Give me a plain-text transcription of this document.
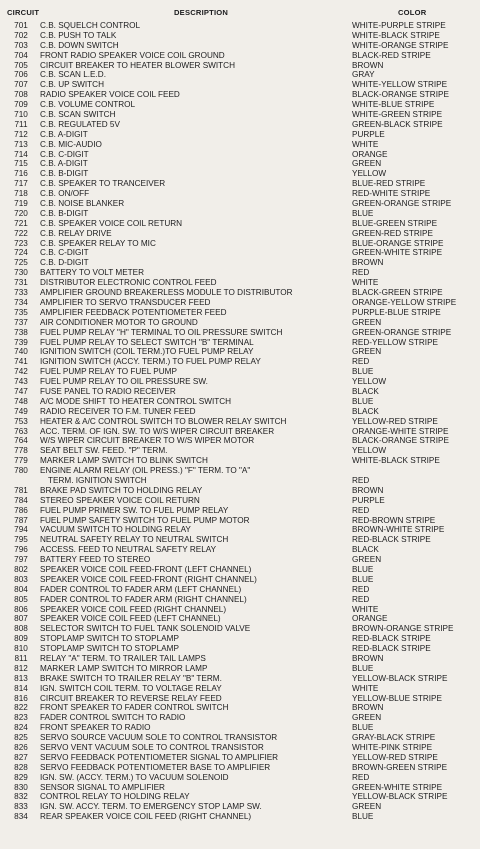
CIRCUIT	DESCRIPTION	COLOR
701	C.B. SQUELCH CONTROL	WHITE-PURPLE STRIPE
702	C.B. PUSH TO TALK	WHITE-BLACK STRIPE
703	C.B. DOWN SWITCH	WHITE-ORANGE STRIPE
704	FRONT RADIO SPEAKER VOICE COIL GROUND	BLACK-RED STRIPE
705	CIRCUIT BREAKER TO HEATER BLOWER SWITCH	BROWN
706	C.B. SCAN L.E.D.	GRAY
707	C.B. UP SWITCH	WHITE-YELLOW STRIPE
708	RADIO SPEAKER VOICE COIL FEED	BLACK-ORANGE STRIPE
709	C.B. VOLUME CONTROL	WHITE-BLUE STRIPE
710	C.B. SCAN SWITCH	WHITE-GREEN STRIPE
711	C.B. REGULATED 5V	GREEN-BLACK STRIPE
712	C.B. A-DIGIT	PURPLE
713	C.B. MIC-AUDIO	WHITE
714	C.B. C-DIGIT	ORANGE
715	C.B. A-DIGIT	GREEN
716	C.B. B-DIGIT	YELLOW
717	C.B. SPEAKER TO TRANCEIVER	BLUE-RED STRIPE
718	C.B. ON/OFF	RED-WHITE STRIPE
719	C.B. NOISE BLANKER	GREEN-ORANGE STRIPE
720	C.B. B-DIGIT	BLUE
721	C.B. SPEAKER VOICE COIL RETURN	BLUE-GREEN STRIPE
722	C.B. RELAY DRIVE	GREEN-RED STRIPE
723	C.B. SPEAKER RELAY TO MIC	BLUE-ORANGE STRIPE
724	C.B. C-DIGIT	GREEN-WHITE STRIPE
725	C.B. D-DIGIT	BROWN
730	BATTERY TO VOLT METER	RED
731	DISTRIBUTOR ELECTRONIC CONTROL FEED	WHITE
733	AMPLIFIER GROUND BREAKERLESS MODULE TO DISTRIBUTOR	BLACK-GREEN STRIPE
734	AMPLIFIER TO SERVO TRANSDUCER FEED	ORANGE-YELLOW STRIPE
735	AMPLIFIER FEEDBACK POTENTIOMETER FEED	PURPLE-BLUE STRIPE
737	AIR CONDITIONER MOTOR TO GROUND	GREEN
738	FUEL PUMP RELAY "H" TERMINAL TO OIL PRESSURE SWITCH	GREEN-ORANGE STRIPE
739	FUEL PUMP RELAY TO SELECT SWITCH "B" TERMINAL	RED-YELLOW STRIPE
740	IGNITION SWITCH (COIL TERM.)TO FUEL PUMP RELAY	GREEN
741	IGNITION SWITCH (ACCY. TERM.) TO FUEL PUMP RELAY	RED
742	FUEL PUMP RELAY TO FUEL PUMP	BLUE
743	FUEL PUMP RELAY TO OIL PRESSURE SW.	YELLOW
747	FUSE PANEL TO RADIO RECEIVER	BLACK
748	A/C MODE SHIFT TO HEATER CONTROL SWITCH	BLUE
749	RADIO RECEIVER TO F.M. TUNER FEED	BLACK
753	HEATER & A/C CONTROL SWITCH TO BLOWER RELAY SWITCH	YELLOW-RED STRIPE
763	ACC. TERM. OF IGN. SW. TO W/S WIPER CIRCUIT BREAKER	ORANGE-WHITE STRIPE
764	W/S WIPER CIRCUIT BREAKER TO W/S WIPER MOTOR	BLACK-ORANGE STRIPE
778	SEAT BELT SW. FEED. "P" TERM.	YELLOW
779	MARKER LAMP SWITCH TO BLINK SWITCH	WHITE-BLACK STRIPE
780	ENGINE ALARM RELAY (OIL PRESS.) "F" TERM. TO "A"
TERM. IGNITION SWITCH	RED
781	BRAKE PAD SWITCH TO HOLDING RELAY	BROWN
784	STEREO SPEAKER VOICE COIL RETURN	PURPLE
786	FUEL PUMP PRIMER SW. TO FUEL PUMP RELAY	RED
787	FUEL PUMP SAFETY SWITCH TO FUEL PUMP MOTOR	RED-BROWN STRIPE
794	VACUUM SWITCH TO HOLDING RELAY	BROWN-WHITE STRIPE
795	NEUTRAL SAFETY RELAY TO NEUTRAL SWITCH	RED-BLACK STRIPE
796	ACCESS. FEED TO NEUTRAL SAFETY RELAY	BLACK
797	BATTERY FEED TO STEREO	GREEN
802	SPEAKER VOICE COIL FEED-FRONT (LEFT CHANNEL)	BLUE
803	SPEAKER VOICE COIL FEED-FRONT (RIGHT CHANNEL)	BLUE
804	FADER CONTROL TO FADER ARM (LEFT CHANNEL)	RED
805	FADER CONTROL TO FADER ARM (RIGHT CHANNEL)	RED
806	SPEAKER VOICE COIL FEED (RIGHT CHANNEL)	WHITE
807	SPEAKER VOICE COIL FEED (LEFT CHANNEL)	ORANGE
808	SELECTOR SWITCH TO FUEL TANK SOLENOID VALVE	BROWN-ORANGE STRIPE
809	STOPLAMP SWITCH TO STOPLAMP	RED-BLACK STRIPE
810	STOPLAMP SWITCH TO STOPLAMP	RED-BLACK STRIPE
811	RELAY "A" TERM. TO TRAILER TAIL LAMPS	BROWN
812	MARKER LAMP SWITCH TO MIRROR LAMP	BLUE
813	BRAKE SWITCH TO TRAILER RELAY "B" TERM.	YELLOW-BLACK STRIPE
814	IGN. SWITCH COIL TERM. TO VOLTAGE RELAY	WHITE
816	CIRCUIT BREAKER TO REVERSE RELAY FEED	YELLOW-BLUE STRIPE
822	FRONT SPEAKER TO FADER CONTROL SWITCH	BROWN
823	FADER CONTROL SWITCH TO RADIO	GREEN
824	FRONT SPEAKER TO RADIO	BLUE
825	SERVO SOURCE VACUUM SOLE TO CONTROL TRANSISTOR	GRAY-BLACK STRIPE
826	SERVO VENT VACUUM SOLE TO CONTROL TRANSISTOR	WHITE-PINK STRIPE
827	SERVO FEEDBACK POTENTIOMETER SIGNAL TO AMPLIFIER	YELLOW-RED STRIPE
828	SERVO FEEDBACK POTENTIOMETER BASE TO AMPLIFIER	BROWN-GREEN STRIPE
829	IGN. SW. (ACCY. TERM.) TO VACUUM SOLENOID	RED
830	SENSOR SIGNAL TO AMPLIFIER	GREEN-WHITE STRIPE
832	CONTROL RELAY TO HOLDING RELAY	YELLOW-BLACK STRIPE
833	IGN. SW. ACCY. TERM. TO EMERGENCY STOP LAMP SW.	GREEN
834	REAR SPEAKER VOICE COIL FEED (RIGHT CHANNEL)	BLUE
